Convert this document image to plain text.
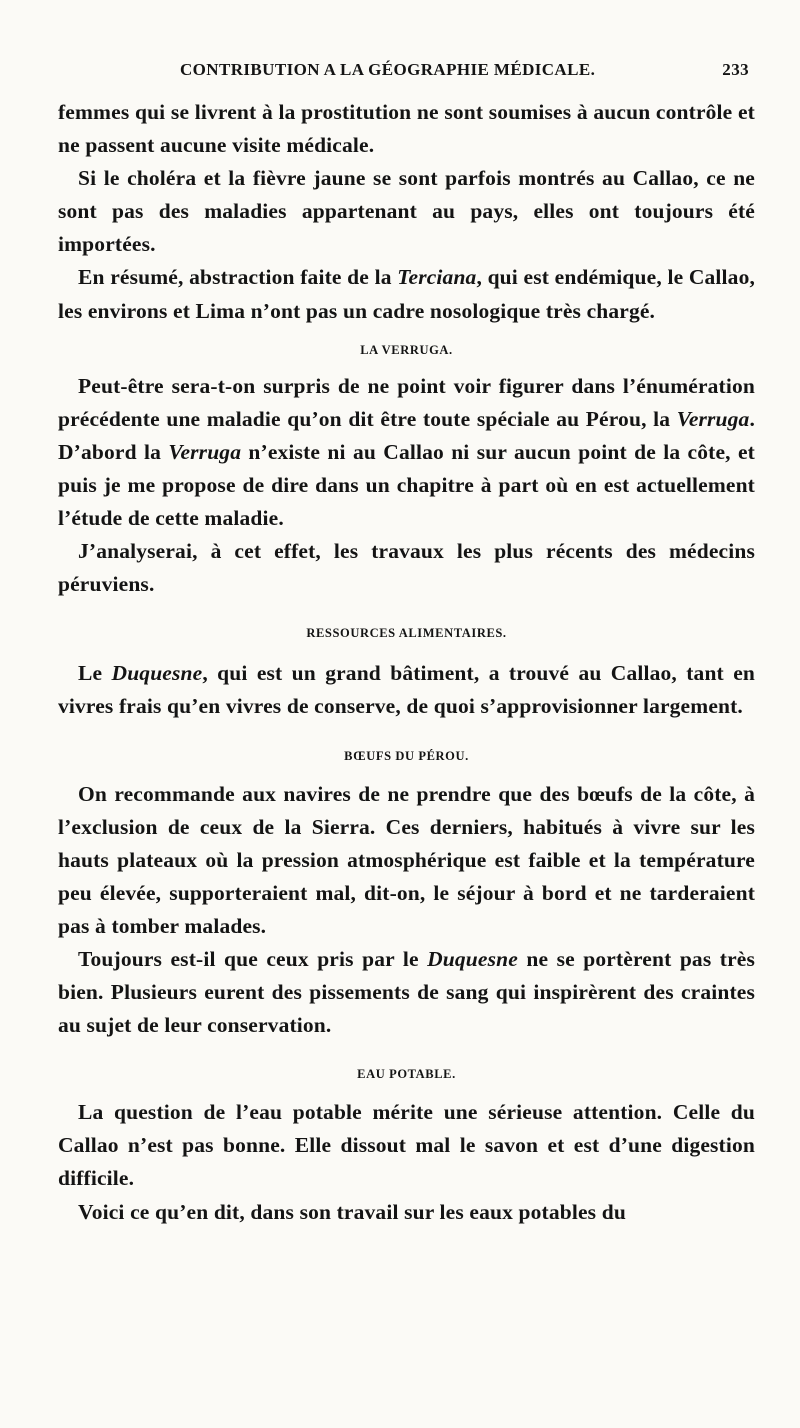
CONTRIBUTION A LA GÉOGRAPHIE MÉDICALE.	233

femmes qui se livrent à la prostitution ne sont soumises à aucun contrôle et ne passent aucune visite médicale.

Si le choléra et la fièvre jaune se sont parfois montrés au Callao, ce ne sont pas des maladies appartenant au pays, elles ont toujours été importées.

En résumé, abstraction faite de la Terciana, qui est endémique, le Callao, les environs et Lima n’ont pas un cadre nosologique très chargé.

LA VERRUGA.

Peut-être sera-t-on surpris de ne point voir figurer dans l’énumération précédente une maladie qu’on dit être toute spéciale au Pérou, la Verruga. D’abord la Verruga n’existe ni au Callao ni sur aucun point de la côte, et puis je me propose de dire dans un chapitre à part où en est actuellement l’étude de cette maladie.

J’analyserai, à cet effet, les travaux les plus récents des médecins péruviens.

RESSOURCES ALIMENTAIRES.

Le Duquesne, qui est un grand bâtiment, a trouvé au Callao, tant en vivres frais qu’en vivres de conserve, de quoi s’approvisionner largement.

BŒUFS DU PÉROU.

On recommande aux navires de ne prendre que des bœufs de la côte, à l’exclusion de ceux de la Sierra. Ces derniers, habitués à vivre sur les hauts plateaux où la pression atmosphérique est faible et la température peu élevée, supporteraient mal, dit-on, le séjour à bord et ne tarderaient pas à tomber malades.

Toujours est-il que ceux pris par le Duquesne ne se portèrent pas très bien. Plusieurs eurent des pissements de sang qui inspirèrent des craintes au sujet de leur conservation.

EAU POTABLE.

La question de l’eau potable mérite une sérieuse attention. Celle du Callao n’est pas bonne. Elle dissout mal le savon et est d’une digestion difficile.

Voici ce qu’en dit, dans son travail sur les eaux potables du
